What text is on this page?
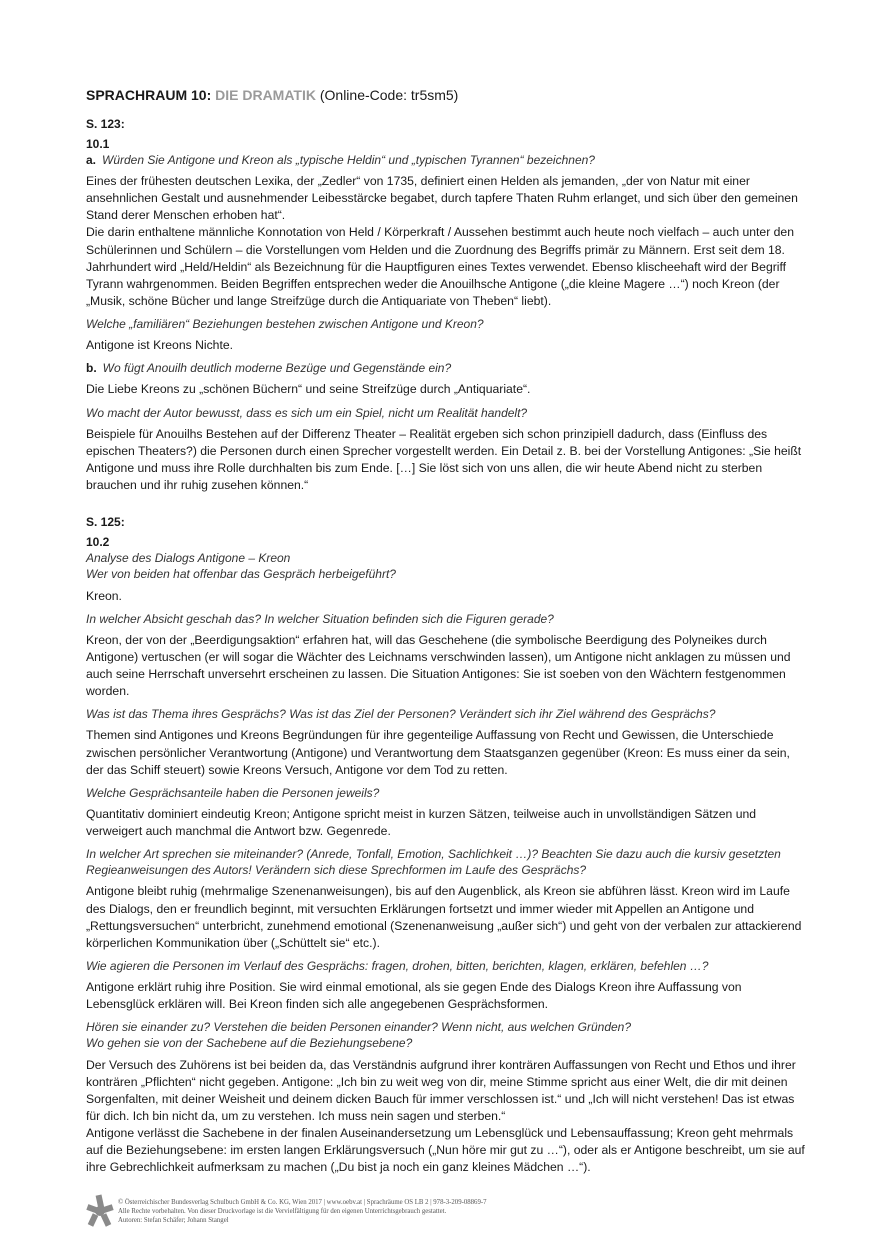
SPRACHRAUM 10: DIE DRAMATIK (Online-Code: tr5sm5)

S. 123:

10.1

a. Würden Sie Antigone und Kreon als „typische Heldin“ und „typischen Tyrannen“ bezeichnen?

Eines der frühesten deutschen Lexika, der „Zedler“ von 1735, definiert einen Helden als jemanden, „der von Natur mit einer ansehnlichen Gestalt und ausnehmender Leibesstärcke begabet, durch tapfere Thaten Ruhm erlanget, und sich über den gemeinen Stand derer Menschen erhoben hat“.
Die darin enthaltene männliche Konnotation von Held / Körperkraft / Aussehen bestimmt auch heute noch vielfach – auch unter den Schülerinnen und Schülern – die Vorstellungen vom Helden und die Zuordnung des Begriffs primär zu Männern. Erst seit dem 18. Jahrhundert wird „Held/Heldin“ als Bezeichnung für die Hauptfiguren eines Textes verwendet. Ebenso klischeehaft wird der Begriff Tyrann wahrgenommen. Beiden Begriffen entsprechen weder die Anouilhsche Antigone („die kleine Magere …“) noch Kreon (der „Musik, schöne Bücher und lange Streifzüge durch die Antiquariate von Theben“ liebt).

Welche „familiären“ Beziehungen bestehen zwischen Antigone und Kreon?

Antigone ist Kreons Nichte.

b. Wo fügt Anouilh deutlich moderne Bezüge und Gegenstände ein?

Die Liebe Kreons zu „schönen Büchern“ und seine Streifzüge durch „Antiquariate“.

Wo macht der Autor bewusst, dass es sich um ein Spiel, nicht um Realität handelt?

Beispiele für Anouilhs Bestehen auf der Differenz Theater – Realität ergeben sich schon prinzipiell dadurch, dass (Einfluss des epischen Theaters?) die Personen durch einen Sprecher vorgestellt werden. Ein Detail z. B. bei der Vorstellung Antigones: „Sie heißt Antigone und muss ihre Rolle durchhalten bis zum Ende. […] Sie löst sich von uns allen, die wir heute Abend nicht zu sterben brauchen und ihr ruhig zusehen können.“

S. 125:

10.2

Analyse des Dialogs Antigone – Kreon
Wer von beiden hat offenbar das Gespräch herbeigeführt?

Kreon.

In welcher Absicht geschah das? In welcher Situation befinden sich die Figuren gerade?

Kreon, der von der „Beerdigungsaktion“ erfahren hat, will das Geschehene (die symbolische Beerdigung des Polyneikes durch Antigone) vertuschen (er will sogar die Wächter des Leichnams verschwinden lassen), um Antigone nicht anklagen zu müssen und auch seine Herrschaft unversehrt erscheinen zu lassen. Die Situation Antigones: Sie ist soeben von den Wächtern festgenommen worden.

Was ist das Thema ihres Gesprächs? Was ist das Ziel der Personen? Verändert sich ihr Ziel während des Gesprächs?

Themen sind Antigones und Kreons Begründungen für ihre gegenteilige Auffassung von Recht und Gewissen, die Unterschiede zwischen persönlicher Verantwortung (Antigone) und Verantwortung dem Staatsganzen gegenüber (Kreon: Es muss einer da sein, der das Schiff steuert) sowie Kreons Versuch, Antigone vor dem Tod zu retten.

Welche Gesprächsanteile haben die Personen jeweils?

Quantitativ dominiert eindeutig Kreon; Antigone spricht meist in kurzen Sätzen, teilweise auch in unvollständigen Sätzen und verweigert auch manchmal die Antwort bzw. Gegenrede.

In welcher Art sprechen sie miteinander? (Anrede, Tonfall, Emotion, Sachlichkeit …)? Beachten Sie dazu auch die kursiv gesetzten Regieanweisungen des Autors! Verändern sich diese Sprechformen im Laufe des Gesprächs?

Antigone bleibt ruhig (mehrmalige Szenenanweisungen), bis auf den Augenblick, als Kreon sie abführen lässt. Kreon wird im Laufe des Dialogs, den er freundlich beginnt, mit versuchten Erklärungen fortsetzt und immer wieder mit Appellen an Antigone und „Rettungsversuchen“ unterbricht, zunehmend emotional (Szenenanweisung „außer sich“) und geht von der verbalen zur attackierend körperlichen Kommunikation über („Schüttelt sie“ etc.).

Wie agieren die Personen im Verlauf des Gesprächs: fragen, drohen, bitten, berichten, klagen, erklären, befehlen …?

Antigone erklärt ruhig ihre Position. Sie wird einmal emotional, als sie gegen Ende des Dialogs Kreon ihre Auffassung von Lebensglück erklären will. Bei Kreon finden sich alle angegebenen Gesprächsformen.

Hören sie einander zu? Verstehen die beiden Personen einander? Wenn nicht, aus welchen Gründen?
Wo gehen sie von der Sachebene auf die Beziehungsebene?

Der Versuch des Zuhörens ist bei beiden da, das Verständnis aufgrund ihrer konträren Auffassungen von Recht und Ethos und ihrer konträren „Pflichten“ nicht gegeben. Antigone: „Ich bin zu weit weg von dir, meine Stimme spricht aus einer Welt, die dir mit deinen Sorgenfalten, mit deiner Weisheit und deinem dicken Bauch für immer verschlossen ist.“ und „Ich will nicht verstehen! Das ist etwas für dich. Ich bin nicht da, um zu verstehen. Ich muss nein sagen und sterben.“
Antigone verlässt die Sachebene in der finalen Auseinandersetzung um Lebensglück und Lebensauffassung; Kreon geht mehrmals auf die Beziehungsebene: im ersten langen Erklärungsversuch („Nun höre mir gut zu …“), oder als er Antigone beschreibt, um sie auf ihre Gebrechlichkeit aufmerksam zu machen („Du bist ja noch ein ganz kleines Mädchen …“).

© Österreichischer Bundesverlag Schulbuch GmbH & Co. KG, Wien 2017 | www.oebv.at | Sprachräume OS LB 2 | 978-3-209-08869-7
Alle Rechte vorbehalten. Von dieser Druckvorlage ist die Vervielfältigung für den eigenen Unterrichtsgebrauch gestattet.
Autoren: Stefan Schäfer; Johann Stangel
